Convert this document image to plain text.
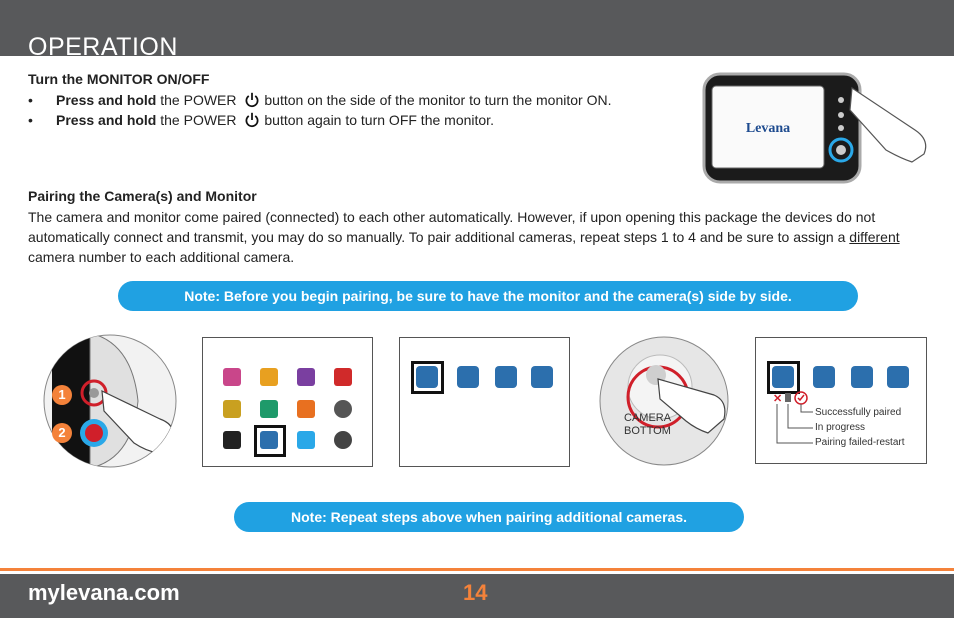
OPERATION
Turn the MONITOR ON/OFF
• Press and hold the POWER button on the side of the monitor to turn the monitor ON.
• Press and hold the POWER button again to turn OFF the monitor.
Levana
Pairing the Camera(s) and Monitor
The camera and monitor come paired (connected) to each other automatically. However, if upon opening this package the devices do not automatically connect and transmit, you may do so manually. To pair additional cameras, repeat steps 1 to 4 and be sure to assign a different camera number to each additional camera.
Note: Before you begin pairing, be sure to have the monitor and the camera(s) side by side.
1
2
CAMERA
BOTTOM
✕
Successfully paired
In progress
Pairing failed-restart
Note: Repeat steps above when pairing additional cameras.
mylevana.com	14
